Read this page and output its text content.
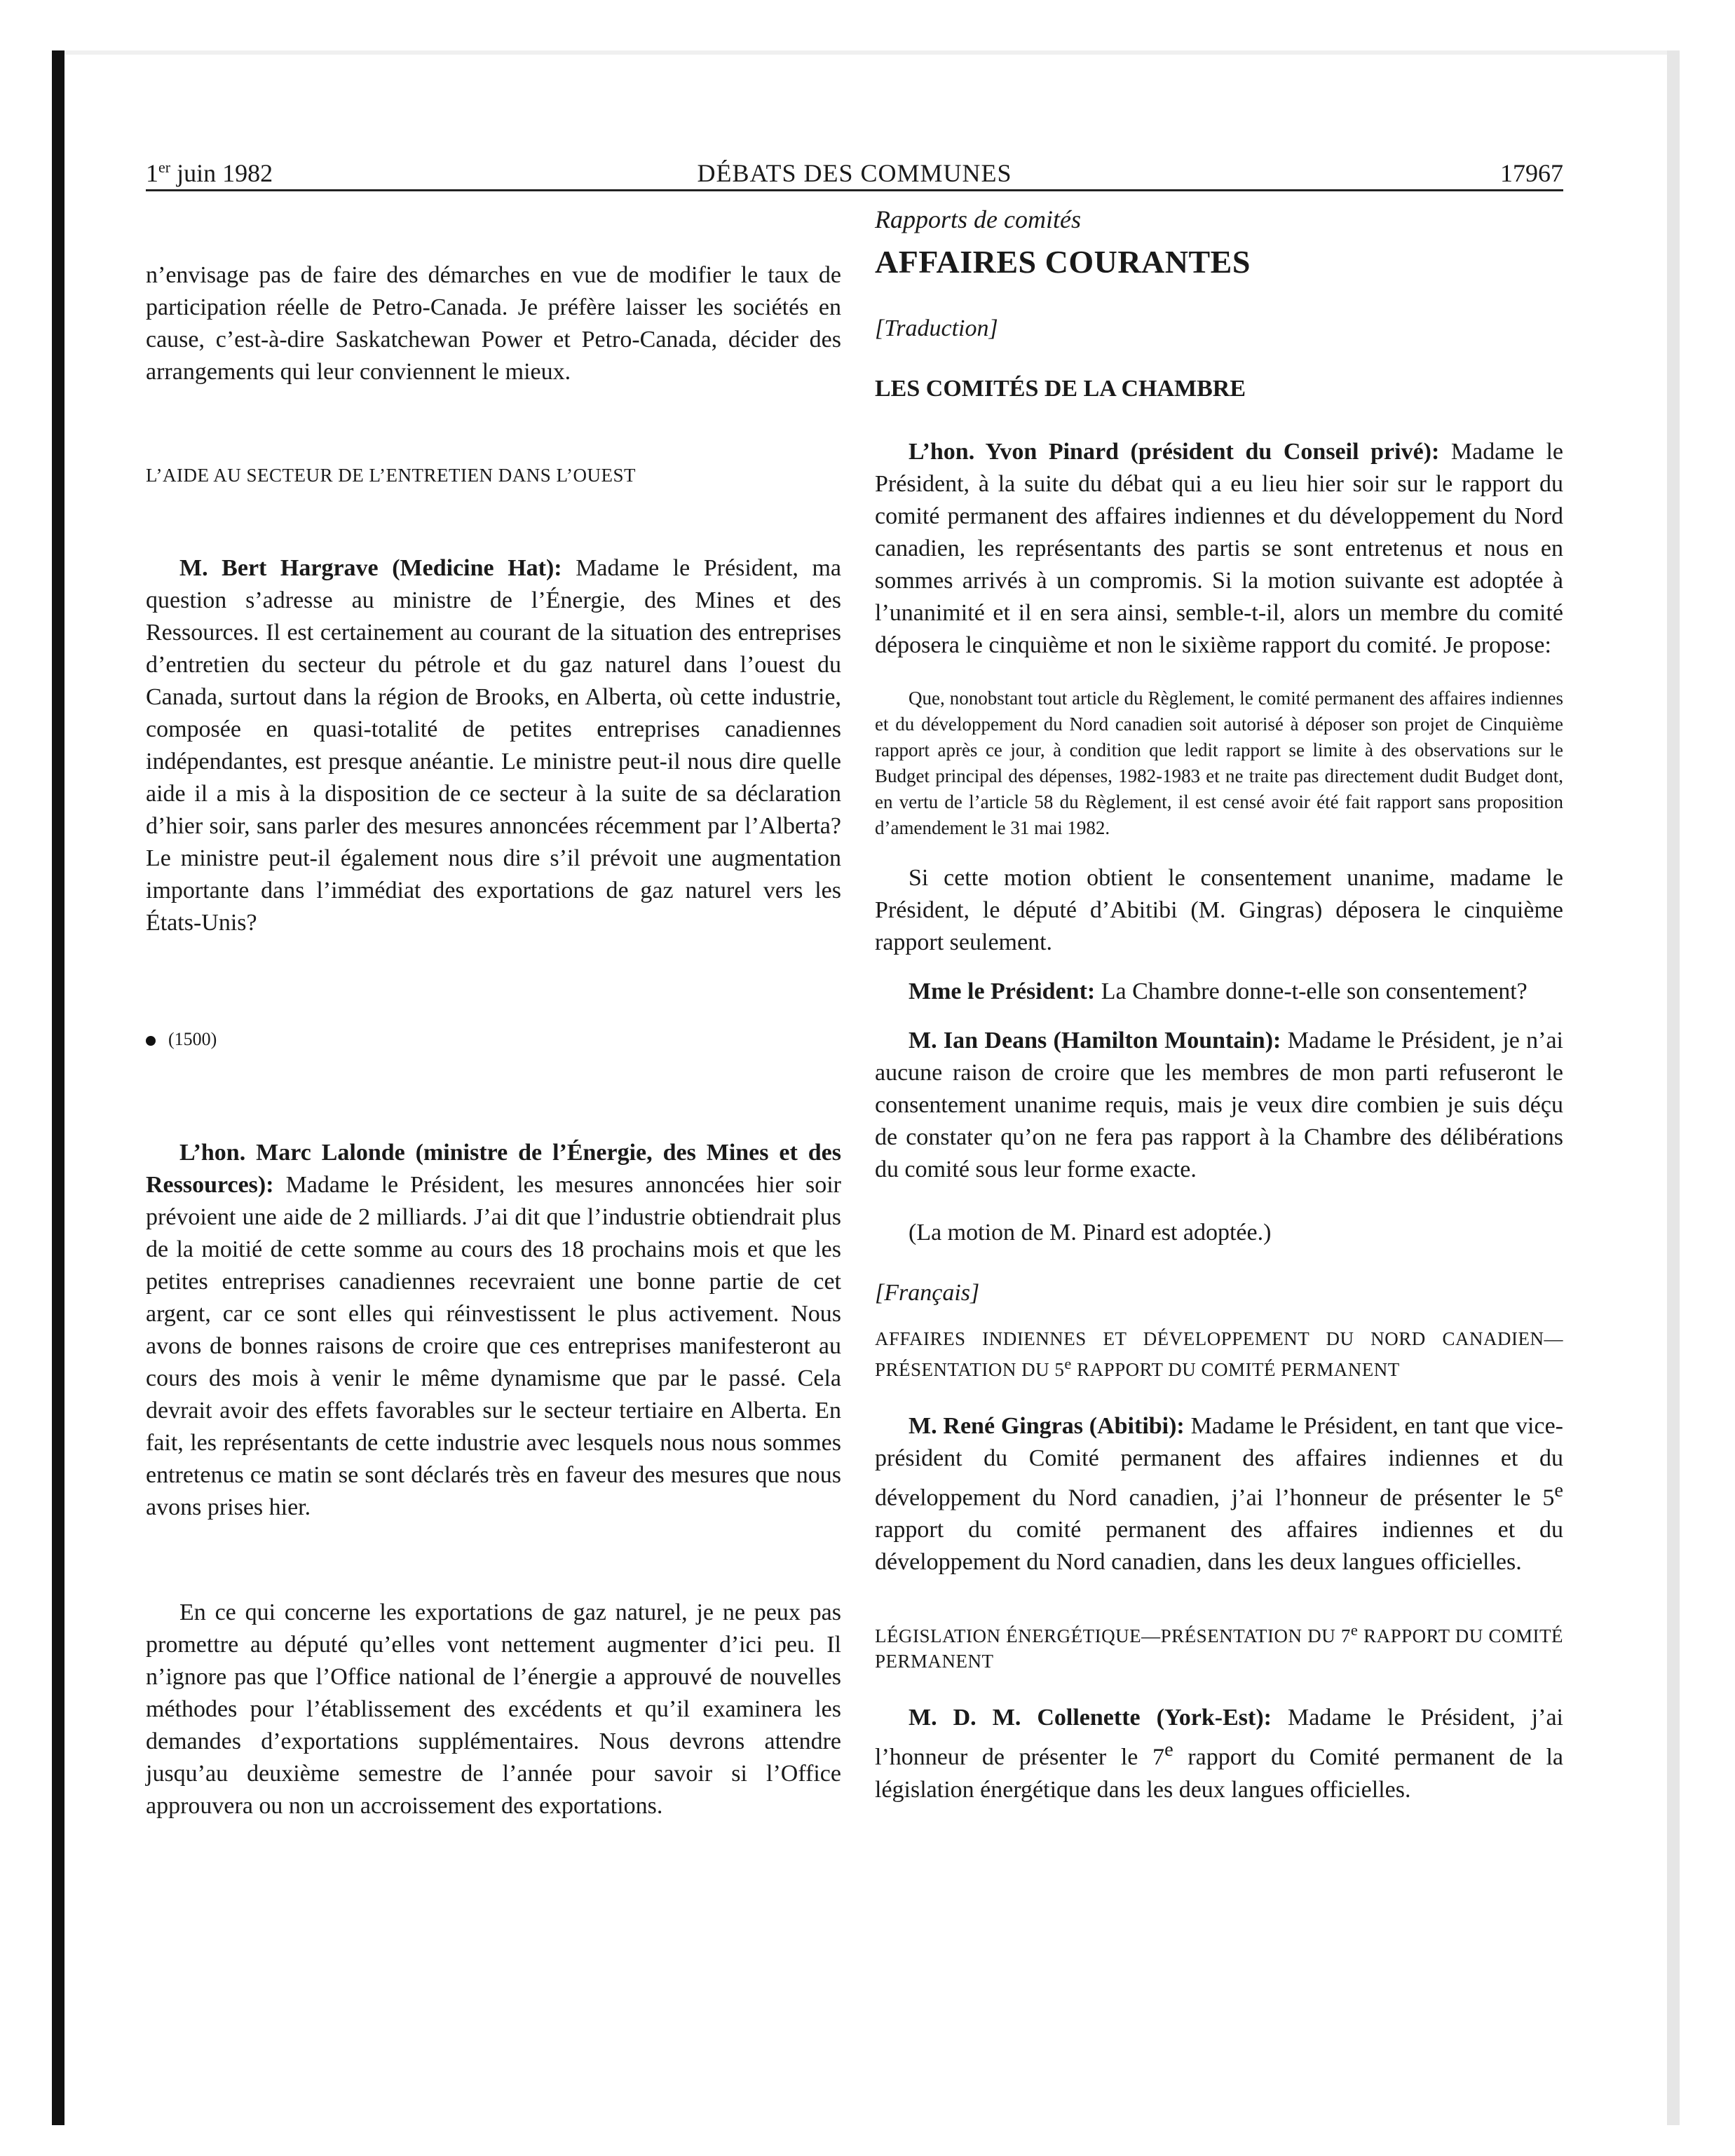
1er juin 1982	DÉBATS DES COMMUNES	17967

n’envisage pas de faire des démarches en vue de modifier le taux de participation réelle de Petro-Canada. Je préfère laisser les sociétés en cause, c’est-à-dire Saskatchewan Power et Petro-Canada, décider des arrangements qui leur conviennent le mieux.

L’AIDE AU SECTEUR DE L’ENTRETIEN DANS L’OUEST

M. Bert Hargrave (Medicine Hat): Madame le Président, ma question s’adresse au ministre de l’Énergie, des Mines et des Ressources. Il est certainement au courant de la situation des entreprises d’entretien du secteur du pétrole et du gaz naturel dans l’ouest du Canada, surtout dans la région de Brooks, en Alberta, où cette industrie, composée en quasi-totalité de petites entreprises canadiennes indépendantes, est presque anéantie. Le ministre peut-il nous dire quelle aide il a mis à la disposition de ce secteur à la suite de sa déclaration d’hier soir, sans parler des mesures annoncées récemment par l’Alberta? Le ministre peut-il également nous dire s’il prévoit une augmentation importante dans l’immédiat des exportations de gaz naturel vers les États-Unis?

(1500)

L’hon. Marc Lalonde (ministre de l’Énergie, des Mines et des Ressources): Madame le Président, les mesures annoncées hier soir prévoient une aide de 2 milliards. J’ai dit que l’industrie obtiendrait plus de la moitié de cette somme au cours des 18 prochains mois et que les petites entreprises canadiennes recevraient une bonne partie de cet argent, car ce sont elles qui réinvestissent le plus activement. Nous avons de bonnes raisons de croire que ces entreprises manifesteront au cours des mois à venir le même dynamisme que par le passé. Cela devrait avoir des effets favorables sur le secteur tertiaire en Alberta. En fait, les représentants de cette industrie avec lesquels nous nous sommes entretenus ce matin se sont déclarés très en faveur des mesures que nous avons prises hier.

En ce qui concerne les exportations de gaz naturel, je ne peux pas promettre au député qu’elles vont nettement augmenter d’ici peu. Il n’ignore pas que l’Office national de l’énergie a approuvé de nouvelles méthodes pour l’établissement des excédents et qu’il examinera les demandes d’exportations supplémentaires. Nous devrons attendre jusqu’au deuxième semestre de l’année pour savoir si l’Office approuvera ou non un accroissement des exportations.

Rapports de comités

AFFAIRES COURANTES

[Traduction]

LES COMITÉS DE LA CHAMBRE

L’hon. Yvon Pinard (président du Conseil privé): Madame le Président, à la suite du débat qui a eu lieu hier soir sur le rapport du comité permanent des affaires indiennes et du développement du Nord canadien, les représentants des partis se sont entretenus et nous en sommes arrivés à un compromis. Si la motion suivante est adoptée à l’unanimité et il en sera ainsi, semble-t-il, alors un membre du comité déposera le cinquième et non le sixième rapport du comité. Je propose:

Que, nonobstant tout article du Règlement, le comité permanent des affaires indiennes et du développement du Nord canadien soit autorisé à déposer son projet de Cinquième rapport après ce jour, à condition que ledit rapport se limite à des observations sur le Budget principal des dépenses, 1982-1983 et ne traite pas directement dudit Budget dont, en vertu de l’article 58 du Règlement, il est censé avoir été fait rapport sans proposition d’amendement le 31 mai 1982.

Si cette motion obtient le consentement unanime, madame le Président, le député d’Abitibi (M. Gingras) déposera le cinquième rapport seulement.

Mme le Président: La Chambre donne-t-elle son consentement?

M. Ian Deans (Hamilton Mountain): Madame le Président, je n’ai aucune raison de croire que les membres de mon parti refuseront le consentement unanime requis, mais je veux dire combien je suis déçu de constater qu’on ne fera pas rapport à la Chambre des délibérations du comité sous leur forme exacte.

(La motion de M. Pinard est adoptée.)

[Français]

AFFAIRES INDIENNES ET DÉVELOPPEMENT DU NORD CANADIEN—PRÉSENTATION DU 5e RAPPORT DU COMITÉ PERMANENT

M. René Gingras (Abitibi): Madame le Président, en tant que vice-président du Comité permanent des affaires indiennes et du développement du Nord canadien, j’ai l’honneur de présenter le 5e rapport du comité permanent des affaires indiennes et du développement du Nord canadien, dans les deux langues officielles.

LÉGISLATION ÉNERGÉTIQUE—PRÉSENTATION DU 7e RAPPORT DU COMITÉ PERMANENT

M. D. M. Collenette (York-Est): Madame le Président, j’ai l’honneur de présenter le 7e rapport du Comité permanent de la législation énergétique dans les deux langues officielles.
